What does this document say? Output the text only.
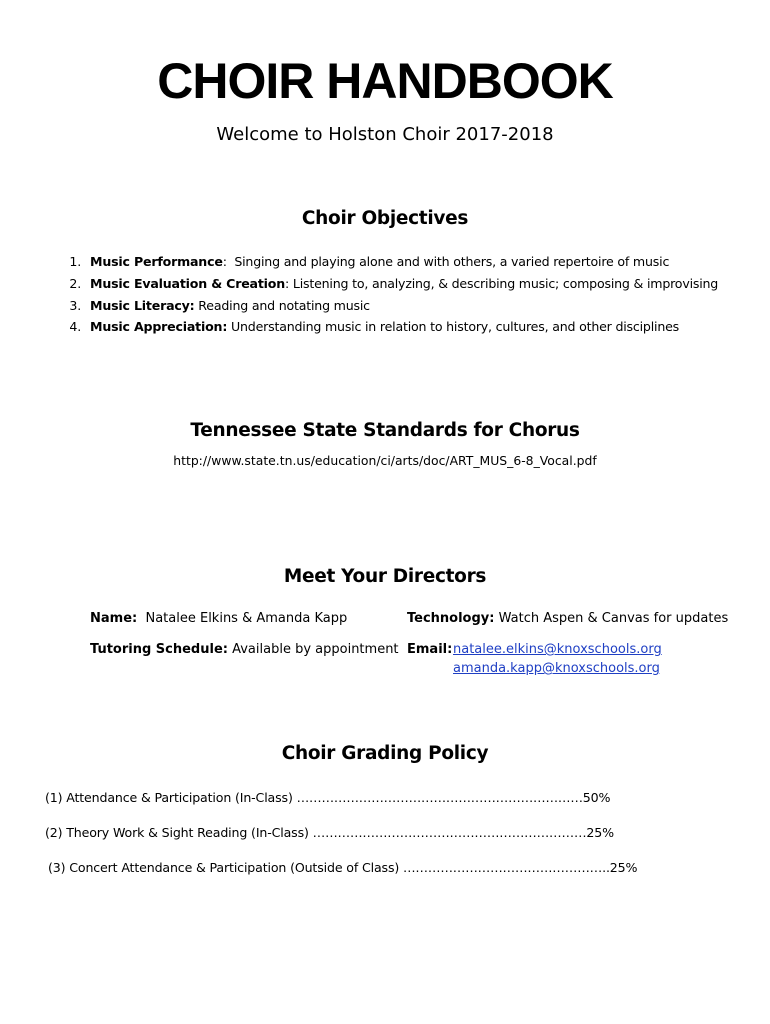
CHOIR HANDBOOK
Welcome to Holston Choir 2017-2018
Choir Objectives
1. Music Performance:  Singing and playing alone and with others, a varied repertoire of music
2. Music Evaluation & Creation: Listening to, analyzing, & describing music; composing & improvising
3. Music Literacy: Reading and notating music
4. Music Appreciation: Understanding music in relation to history, cultures, and other disciplines
Tennessee State Standards for Chorus
http://www.state.tn.us/education/ci/arts/doc/ART_MUS_6-8_Vocal.pdf
Meet Your Directors
Name: Natalee Elkins & Amanda Kapp	Technology: Watch Aspen & Canvas for updates
Tutoring Schedule: Available by appointment Email: natalee.elkins@knoxschools.org
amanda.kapp@knoxschools.org
Choir Grading Policy
(1) Attendance & Participation (In-Class) ……………………………………………………………50%
(2) Theory Work & Sight Reading (In-Class) …………………………………………………………25%
(3) Concert Attendance & Participation (Outside of Class) …………………………………………..25%
